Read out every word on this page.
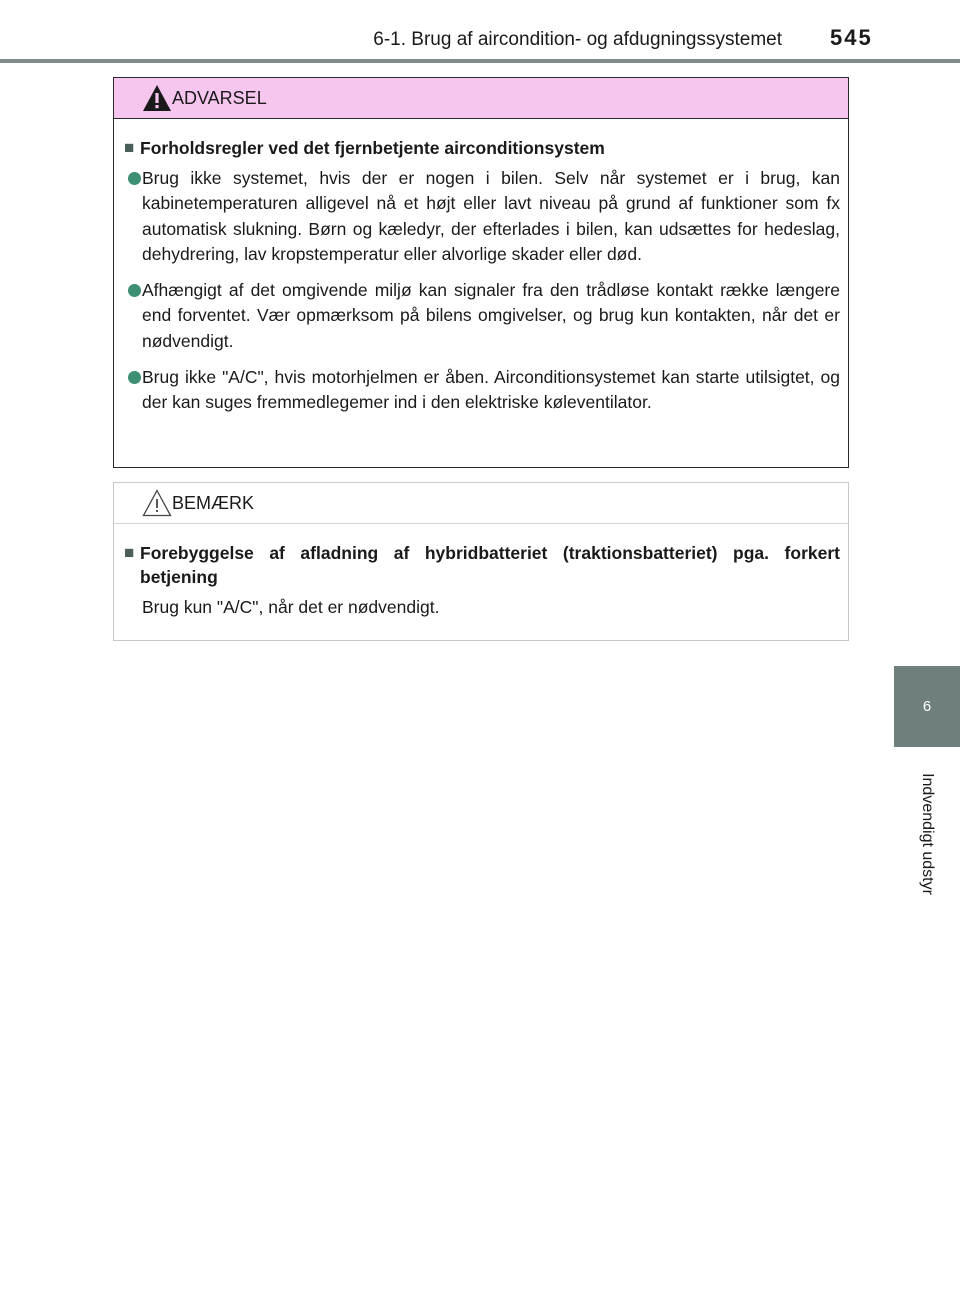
6-1. Brug af aircondition- og afdugningssystemet 545
6
Indvendigt udstyr
ADVARSEL
■ Forholdsregler ved det fjernbetjente airconditionsystem
Brug ikke systemet, hvis der er nogen i bilen. Selv når systemet er i brug, kan kabinetemperaturen alligevel nå et højt eller lavt niveau på grund af funktioner som fx automatisk slukning. Børn og kæledyr, der efterlades i bilen, kan udsættes for hedeslag, dehydrering, lav kropstemperatur eller alvorlige skader eller død.
Afhængigt af det omgivende miljø kan signaler fra den trådløse kontakt række længere end forventet. Vær opmærksom på bilens omgivelser, og brug kun kontakten, når det er nødvendigt.
Brug ikke "A/C", hvis motorhjelmen er åben. Airconditionsystemet kan starte utilsigtet, og der kan suges fremmedlegemer ind i den elektriske køleventilator.
BEMÆRK
■ Forebyggelse af afladning af hybridbatteriet (traktionsbatteriet) pga. forkert betjening
Brug kun "A/C", når det er nødvendigt.
